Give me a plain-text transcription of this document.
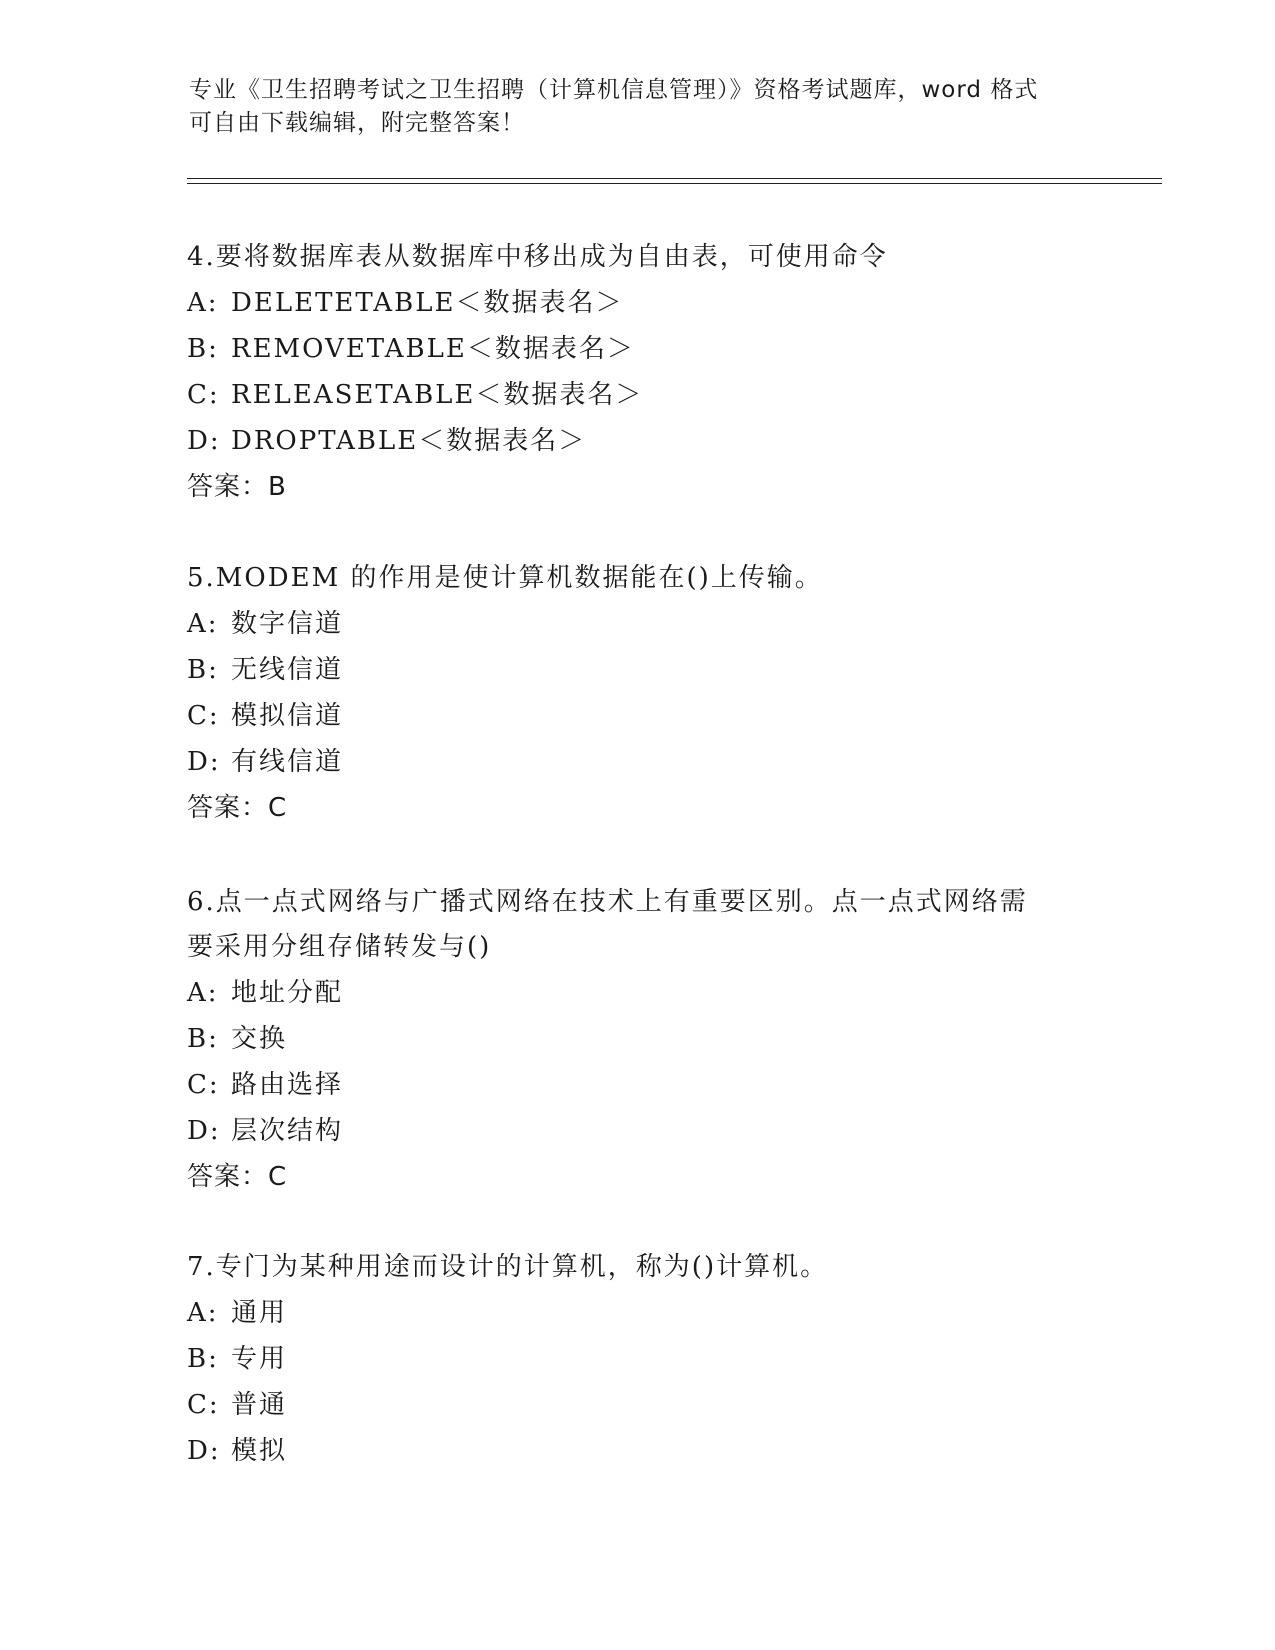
专业《卫生招聘考试之卫生招聘（计算机信息管理）》资格考试题库，word 格式
可自由下载编辑，附完整答案！
4.要将数据库表从数据库中移出成为自由表，可使用命令
A: DELETETABLE＜数据表名＞
B: REMOVETABLE＜数据表名＞
C: RELEASETABLE＜数据表名＞
D: DROPTABLE＜数据表名＞
答案：B
5.MODEM 的作用是使计算机数据能在()上传输。
A: 数字信道
B: 无线信道
C: 模拟信道
D: 有线信道
答案：C
6.点一点式网络与广播式网络在技术上有重要区别。点一点式网络需要采用分组存储转发与()
A: 地址分配
B: 交换
C: 路由选择
D: 层次结构
答案：C
7.专门为某种用途而设计的计算机，称为()计算机。
A: 通用
B: 专用
C: 普通
D: 模拟
